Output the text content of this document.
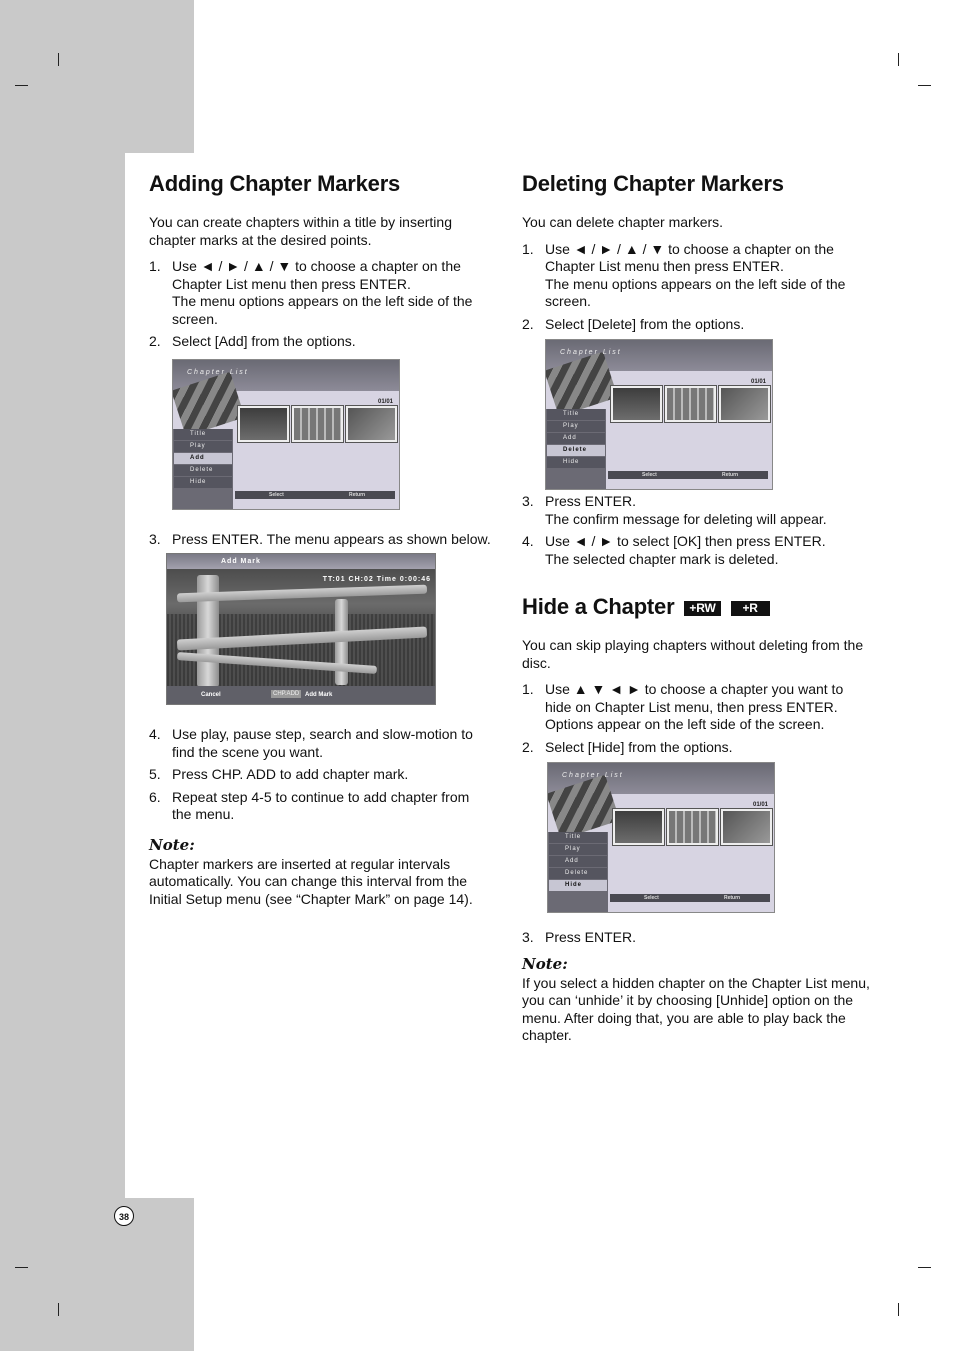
Adding Chapter Markers

You can create chapters within a title by inserting chapter marks at the desired points.

1. Use ◄ / ► / ▲ / ▼ to choose a chapter on the Chapter List menu then press ENTER.
The menu options appears on the left side of the screen.
2. Select [Add] from the options.
Chapter List
01/01
Title
Play
Add
Delete
Hide
Select	Return
3. Press ENTER. The menu appears as shown below.
Add Mark
TT:01 CH:02 Time 0:00:46
Cancel	CHP.ADD Add Mark
4. Use play, pause step, search and slow-motion to find the scene you want.
5. Press CHP. ADD to add chapter mark.
6. Repeat step 4-5 to continue to add chapter from the menu.
Note:

Chapter markers are inserted at regular intervals automatically. You can change this interval from the Initial Setup menu (see “Chapter Mark” on page 14).

Deleting Chapter Markers

You can delete chapter markers.

1. Use ◄ / ► / ▲ / ▼ to choose a chapter on the Chapter List menu then press ENTER.
The menu options appears on the left side of the screen.
2. Select [Delete] from the options.
Chapter List
01/01
Title
Play
Add
Delete
Hide
Select	Return
3. Press ENTER.
The confirm message for deleting will appear.
4. Use ◄ / ► to select [OK] then press ENTER.
The selected chapter mark is deleted.
Hide a Chapter +RW +R

You can skip playing chapters without deleting from the disc.

1. Use ▲ ▼ ◄ ► to choose a chapter you want to hide on Chapter List menu, then press ENTER. Options appear on the left side of the screen.
2. Select [Hide] from the options.
Chapter List
01/01
Title
Play
Add
Delete
Hide
Select	Return
3. Press ENTER.
Note:

If you select a hidden chapter on the Chapter List menu, you can ‘unhide’ it by choosing [Unhide] option on the menu. After doing that, you are able to play back the chapter.

38
